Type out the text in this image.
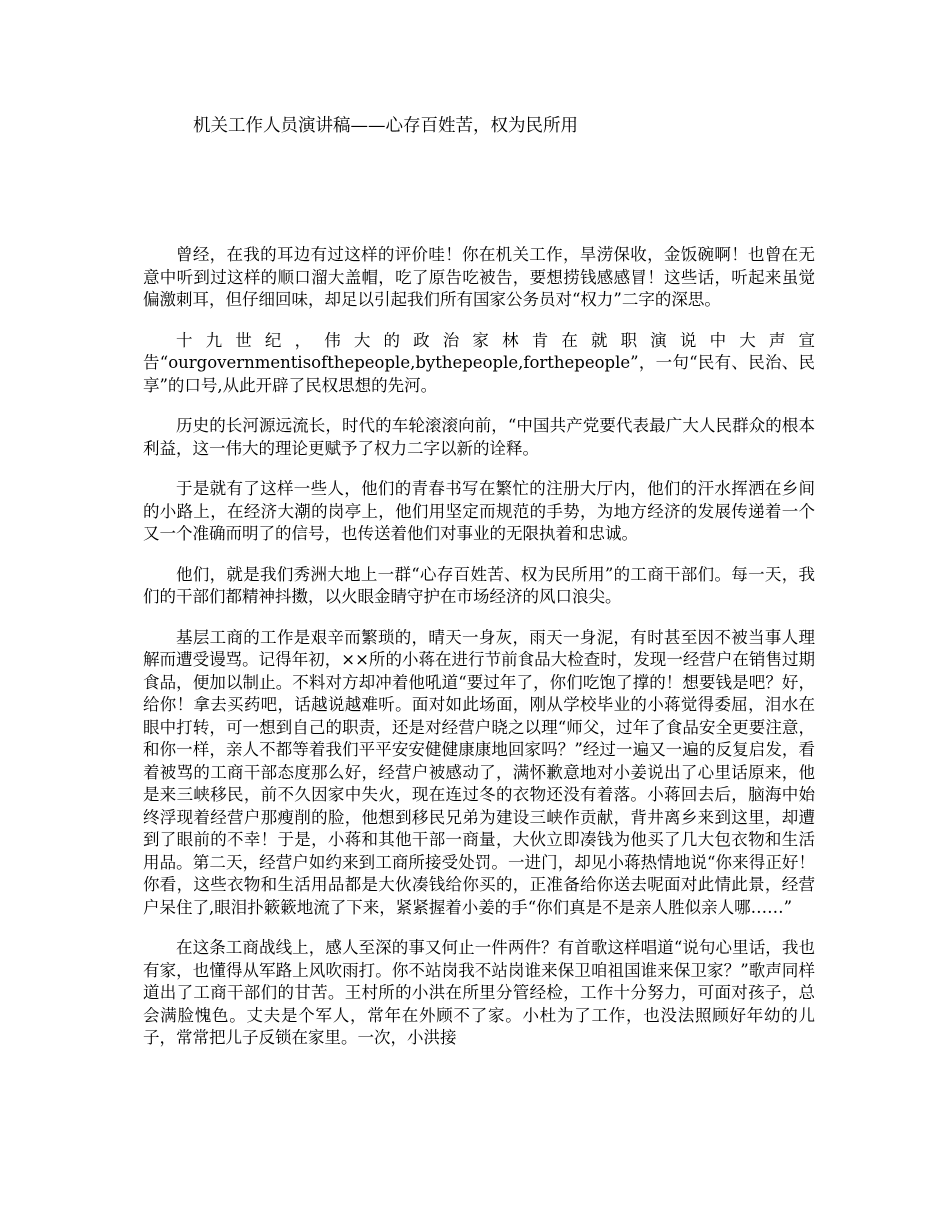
机关工作人员演讲稿——心存百姓苦，权为民所用

曾经，在我的耳边有过这样的评价哇！你在机关工作，旱涝保收，金饭碗啊！也曾在无意中听到过这样的顺口溜大盖帽，吃了原告吃被告，要想捞钱感感冒！这些话，听起来虽觉偏激刺耳，但仔细回味，却足以引起我们所有国家公务员对“权力”二字的深思。

十九世纪，伟大的政治家林肯在就职演说中大声宣告“ourgovernmentisofthepeople,bythepeople,forthepeople”，一句“民有、民治、民享”的口号,从此开辟了民权思想的先河。

历史的长河源远流长，时代的车轮滚滚向前，“中国共产党要代表最广大人民群众的根本利益，这一伟大的理论更赋予了权力二字以新的诠释。

于是就有了这样一些人，他们的青春书写在繁忙的注册大厅内，他们的汗水挥洒在乡间的小路上，在经济大潮的岗亭上，他们用坚定而规范的手势，为地方经济的发展传递着一个又一个准确而明了的信号，也传送着他们对事业的无限执着和忠诚。

他们，就是我们秀洲大地上一群“心存百姓苦、权为民所用”的工商干部们。每一天，我们的干部们都精神抖擞，以火眼金睛守护在市场经济的风口浪尖。

基层工商的工作是艰辛而繁琐的，晴天一身灰，雨天一身泥，有时甚至因不被当事人理解而遭受谩骂。记得年初，××所的小蒋在进行节前食品大检查时，发现一经营户在销售过期食品，便加以制止。不料对方却冲着他吼道“要过年了，你们吃饱了撑的！想要钱是吧？好，给你！拿去买药吧，话越说越难听。面对如此场面，刚从学校毕业的小蒋觉得委屈，泪水在眼中打转，可一想到自己的职责，还是对经营户晓之以理“师父，过年了食品安全更要注意，和你一样，亲人不都等着我们平平安安健健康康地回家吗？”经过一遍又一遍的反复启发，看着被骂的工商干部态度那么好，经营户被感动了，满怀歉意地对小姜说出了心里话原来，他是来三峡移民，前不久因家中失火，现在连过冬的衣物还没有着落。小蒋回去后，脑海中始终浮现着经营户那瘦削的脸，他想到移民兄弟为建设三峡作贡献，背井离乡来到这里，却遭到了眼前的不幸！于是，小蒋和其他干部一商量，大伙立即凑钱为他买了几大包衣物和生活用品。第二天，经营户如约来到工商所接受处罚。一进门，却见小蒋热情地说“你来得正好！你看，这些衣物和生活用品都是大伙凑钱给你买的，正准备给你送去呢面对此情此景，经营户呆住了,眼泪扑簌簌地流了下来，紧紧握着小姜的手“你们真是不是亲人胜似亲人哪……”

在这条工商战线上，感人至深的事又何止一件两件？有首歌这样唱道“说句心里话，我也有家，也懂得从军路上风吹雨打。你不站岗我不站岗谁来保卫咱祖国谁来保卫家？”歌声同样道出了工商干部们的甘苦。王村所的小洪在所里分管经检，工作十分努力，可面对孩子，总会满脸愧色。丈夫是个军人，常年在外顾不了家。小杜为了工作，也没法照顾好年幼的儿子，常常把儿子反锁在家里。一次，小洪接
